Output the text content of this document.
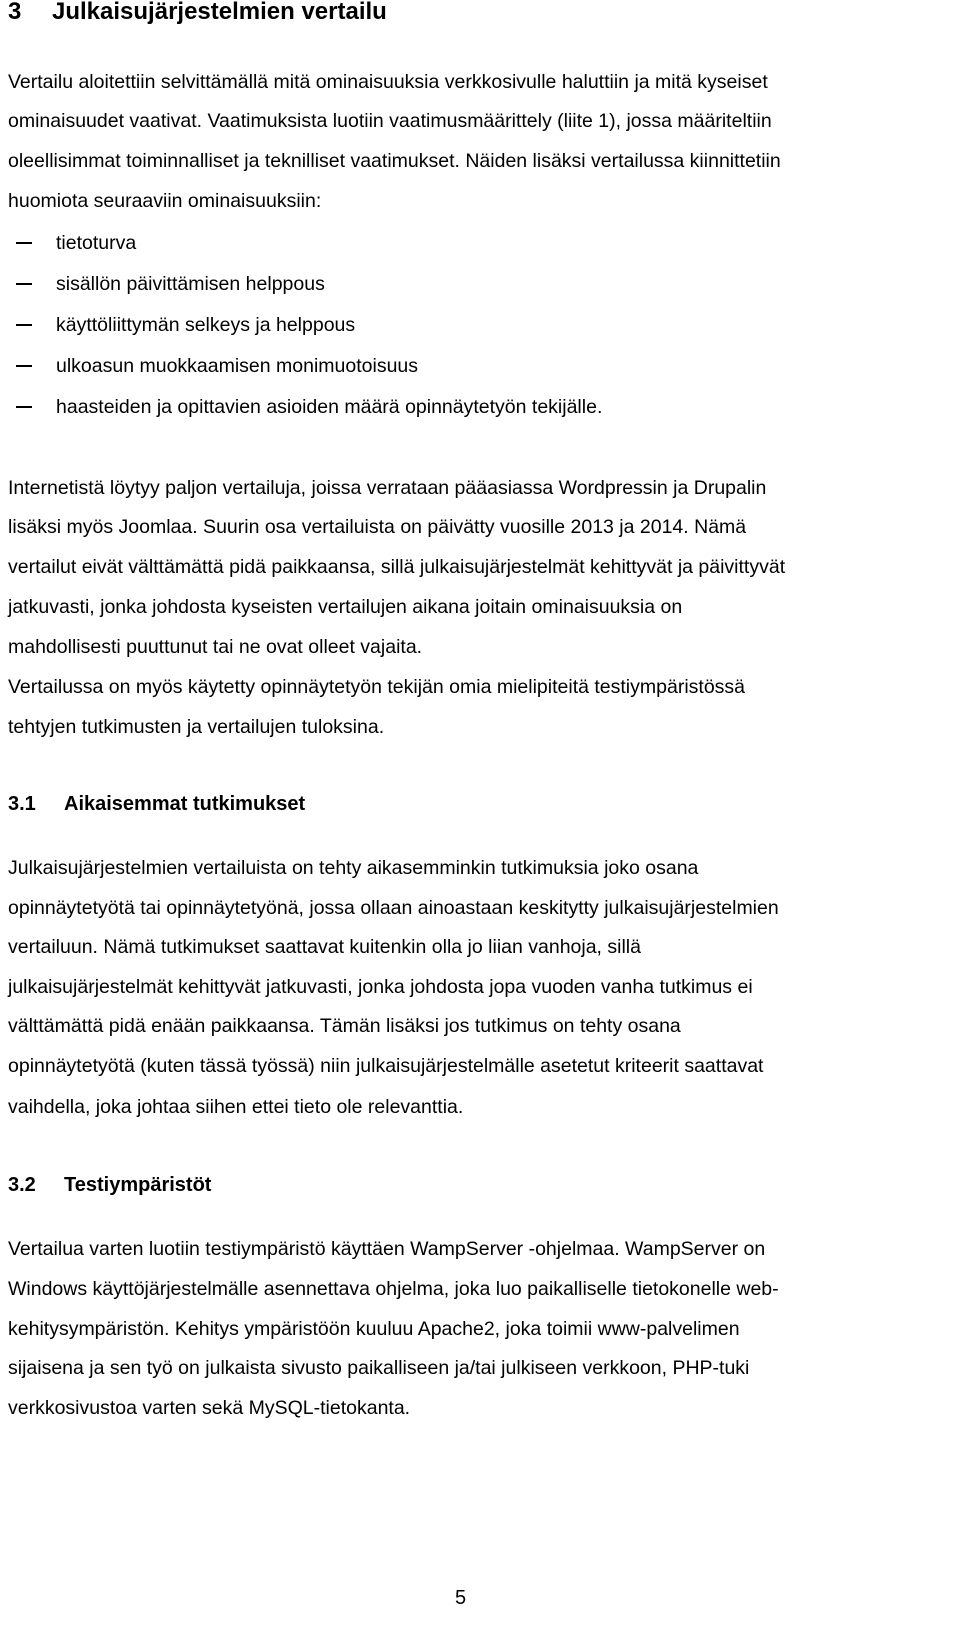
3 Julkaisujärjestelmien vertailu
Vertailu aloitettiin selvittämällä mitä ominaisuuksia verkkosivulle haluttiin ja mitä kyseiset
ominaisuudet vaativat. Vaatimuksista luotiin vaatimusmäärittely (liite 1), jossa määriteltiin
oleellisimmat toiminnalliset ja teknilliset vaatimukset. Näiden lisäksi vertailussa kiinnittetiin
huomiota seuraaviin ominaisuuksiin:
tietoturva
sisällön päivittämisen helppous
käyttöliittymän selkeys ja helppous
ulkoasun muokkaamisen monimuotoisuus
haasteiden ja opittavien asioiden määrä opinnäytetyön tekijälle.
Internetistä löytyy paljon vertailuja, joissa verrataan pääasiassa Wordpressin ja Drupalin
lisäksi myös Joomlaa. Suurin osa vertailuista on päivätty vuosille 2013 ja 2014. Nämä
vertailut eivät välttämättä pidä paikkaansa, sillä julkaisujärjestelmät kehittyvät ja päivittyvät
jatkuvasti, jonka johdosta kyseisten vertailujen aikana joitain ominaisuuksia on
mahdollisesti puuttunut tai ne ovat olleet vajaita.
Vertailussa on myös käytetty opinnäytetyön tekijän omia mielipiteitä testiympäristössä
tehtyjen tutkimusten ja vertailujen tuloksina.
3.1 Aikaisemmat tutkimukset
Julkaisujärjestelmien vertailuista on tehty aikasemminkin tutkimuksia joko osana
opinnäytetyötä tai opinnäytetyönä, jossa ollaan ainoastaan keskitytty julkaisujärjestelmien
vertailuun. Nämä tutkimukset saattavat kuitenkin olla jo liian vanhoja, sillä
julkaisujärjestelmät kehittyvät jatkuvasti, jonka johdosta jopa vuoden vanha tutkimus ei
välttämättä pidä enään paikkaansa. Tämän lisäksi jos tutkimus on tehty osana
opinnäytetyötä (kuten tässä työssä) niin julkaisujärjestelmälle asetetut kriteerit saattavat
vaihdella, joka johtaa siihen ettei tieto ole relevanttia.
3.2 Testiympäristöt
Vertailua varten luotiin testiympäristö käyttäen WampServer -ohjelmaa. WampServer on
Windows käyttöjärjestelmälle asennettava ohjelma, joka luo paikalliselle tietokonelle web-
kehitysympäristön. Kehitys ympäristöön kuuluu Apache2, joka toimii www-palvelimen
sijaisena ja sen työ on julkaista sivusto paikalliseen ja/tai julkiseen verkkoon, PHP-tuki
verkkosivustoa varten sekä MySQL-tietokanta.
5
